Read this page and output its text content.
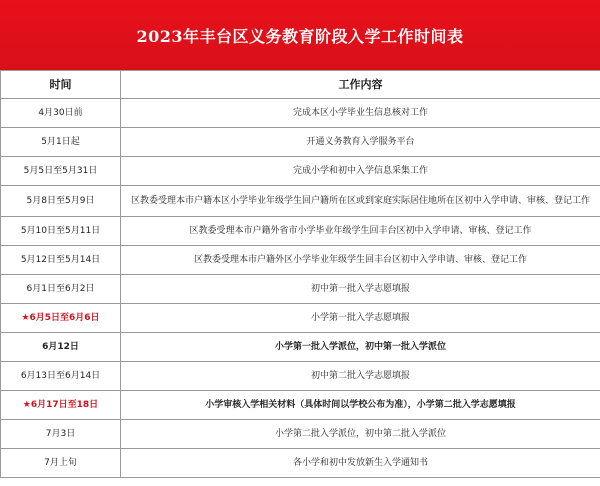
2023年丰台区义务教育阶段入学工作时间表
时间	工作内容
4月30日前	完成本区小学毕业生信息核对工作
5月1日起	开通义务教育入学服务平台
5月5日至5月31日	完成小学和初中入学信息采集工作
5月8日至5月9日	区教委受理本市户籍本区小学毕业年级学生回户籍所在区或到家庭实际居住地所在区初中入学申请、审核、登记工作
5月10日至5月11日	区教委受理本市户籍外省市小学毕业年级学生回丰台区初中入学申请、审核、登记工作
5月12日至5月14日	区教委受理本市户籍外区小学毕业年级学生回丰台区初中入学申请、审核、登记工作
6月1日至6月2日	初中第一批入学志愿填报
★6月5日至6月6日	小学第一批入学志愿填报
6月12日	小学第一批入学派位，初中第一批入学派位
6月13日至6月14日	初中第二批入学志愿填报
★6月17日至18日	小学审核入学相关材料（具体时间以学校公布为准），小学第二批入学志愿填报
7月3日	小学第二批入学派位，初中第二批入学派位
7月上旬	各小学和初中发放新生入学通知书
